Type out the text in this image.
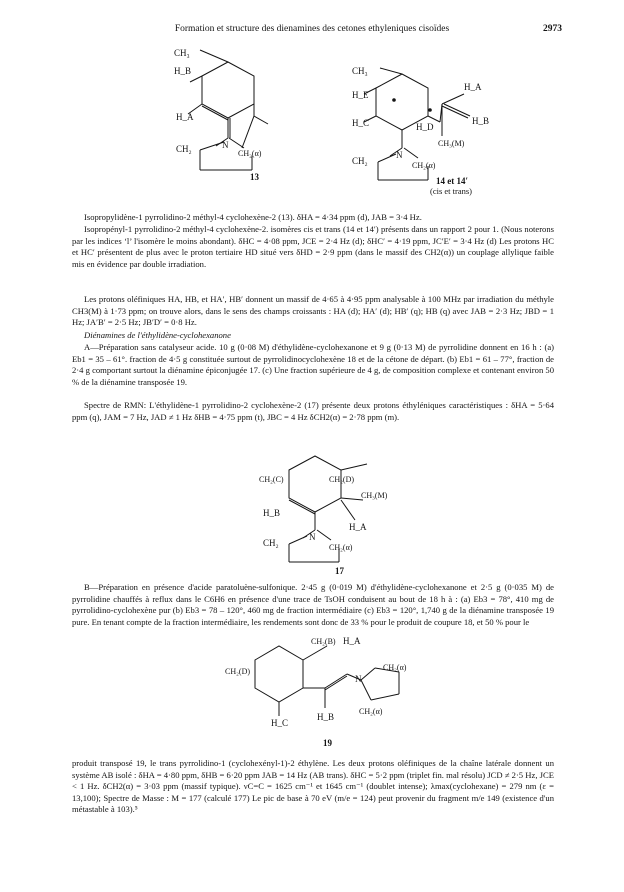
Formation et structure des dienamines des cetones ethyleniques cisoïdes	2973
CH₃
H_B
H_A
CH₂	N
CH₂(α)
13
CH₃
H_E
H_C	H_D
H_A
H_B
CH₃(M)
CH₂
N
CH₂(α)
14 et 14′
(cis et trans)

Isopropylidène-1 pyrrolidino-2 méthyl-4 cyclohexène-2 (13). δHA = 4·34 ppm (d), JAB = 3·4 Hz.

Isopropényl-1 pyrrolidino-2 méthyl-4 cyclohexène-2. isomères cis et trans (14 et 14′) présents dans un rapport 2 pour 1. (Nous noterons par les indices ‘l’ l'isomère le moins abondant). δHC = 4·08 ppm, JCE = 2·4 Hz (d); δHC′ = 4·19 ppm, JC′E′ = 3·4 Hz (d) Les protons HC et HC′ présentent de plus avec le proton tertiaire HD situé vers δHD = 2·9 ppm (dans le massif des CH2(α)) un couplage allylique faible mis en évidence par double irradiation.

Les protons oléfiniques HA, HB, et HA′, HB′ donnent un massif de 4·65 à 4·95 ppm analysable à 100 MHz par irradiation du méthyle CH3(M) à 1·73 ppm; on trouve alors, dans le sens des champs croissants : HA (d); HA′ (d); HB′ (q); HB (q) avec JAB = 2·3 Hz; JBD = 1 Hz; JA′B′ = 2·5 Hz; JB′D′ = 0·8 Hz.

Diénamines de l'éthylidène-cyclohexanone

A—Préparation sans catalyseur acide. 10 g (0·08 M) d'éthylidène-cyclohexanone et 9 g (0·13 M) de pyrrolidine donnent en 16 h : (a) Eb1 = 35 – 61°. fraction de 4·5 g constituée surtout de pyrrolidinocyclohexène 18 et de la cétone de départ. (b) Eb1 = 61 – 77°, fraction de 2·4 g comportant surtout la diénamine épiconjugée 17. (c) Une fraction supérieure de 4 g, de composition complexe et contenant environ 50 % de la diénamine transposée 19.

Spectre de RMN: L'éthylidène-1 pyrrolidino-2 cyclohexène-2 (17) présente deux protons éthyléniques caractéristiques : δHA = 5·64 ppm (q), JAM = 7 Hz, JAD ≠ 1 Hz δHB = 4·75 ppm (t), JBC = 4 Hz δCH2(α) = 2·78 ppm (m).

CH₂(C)	CH₂(D)
CH₃(M)
H_B
H_A
CH₂
N
CH₂(α)
17

B—Préparation en présence d'acide paratoluène-sulfonique. 2·45 g (0·019 M) d'éthylidène-cyclohexanone et 2·5 g (0·035 M) de pyrrolidine chauffés à reflux dans le C6H6 en présence d'une trace de TsOH conduisent au bout de 18 h à : (a) Eb3 = 78°, 410 mg de pyrrolidino-cyclohexène pur (b) Eb3 = 78 – 120°, 460 mg de fraction intermédiaire (c) Eb3 = 120°, 1,740 g de la diénamine transposée 19 pure. En tenant compte de la fraction intermédiaire, les rendements sont donc de 33 % pour le produit de coupure 18, et 50 % pour le

CH₂(B) H_A
CH₂(D)
N
CH₂(α)
H_C
H_B
CH₂(α)
19

produit transposé 19, le trans pyrrolidino-1 (cyclohexényl-1)-2 éthylène. Les deux protons oléfiniques de la chaîne latérale donnent un système AB isolé : δHA = 4·80 ppm, δHB = 6·20 ppm JAB = 14 Hz (AB trans). δHC = 5·2 ppm (triplet fin. mal résolu) JCD ≠ 2·5 Hz, JCE < 1 Hz. δCH2(α) = 3·03 ppm (massif typique). νC=C = 1625 cm⁻¹ et 1645 cm⁻¹ (doublet intense); λmax(cyclohexane) = 279 nm (ε = 13,100); Spectre de Masse : M = 177 (calculé 177) Le pic de base à 70 eV (m/e = 124) peut provenir du fragment m/e 149 (existence d'un métastable à 103).⁵
